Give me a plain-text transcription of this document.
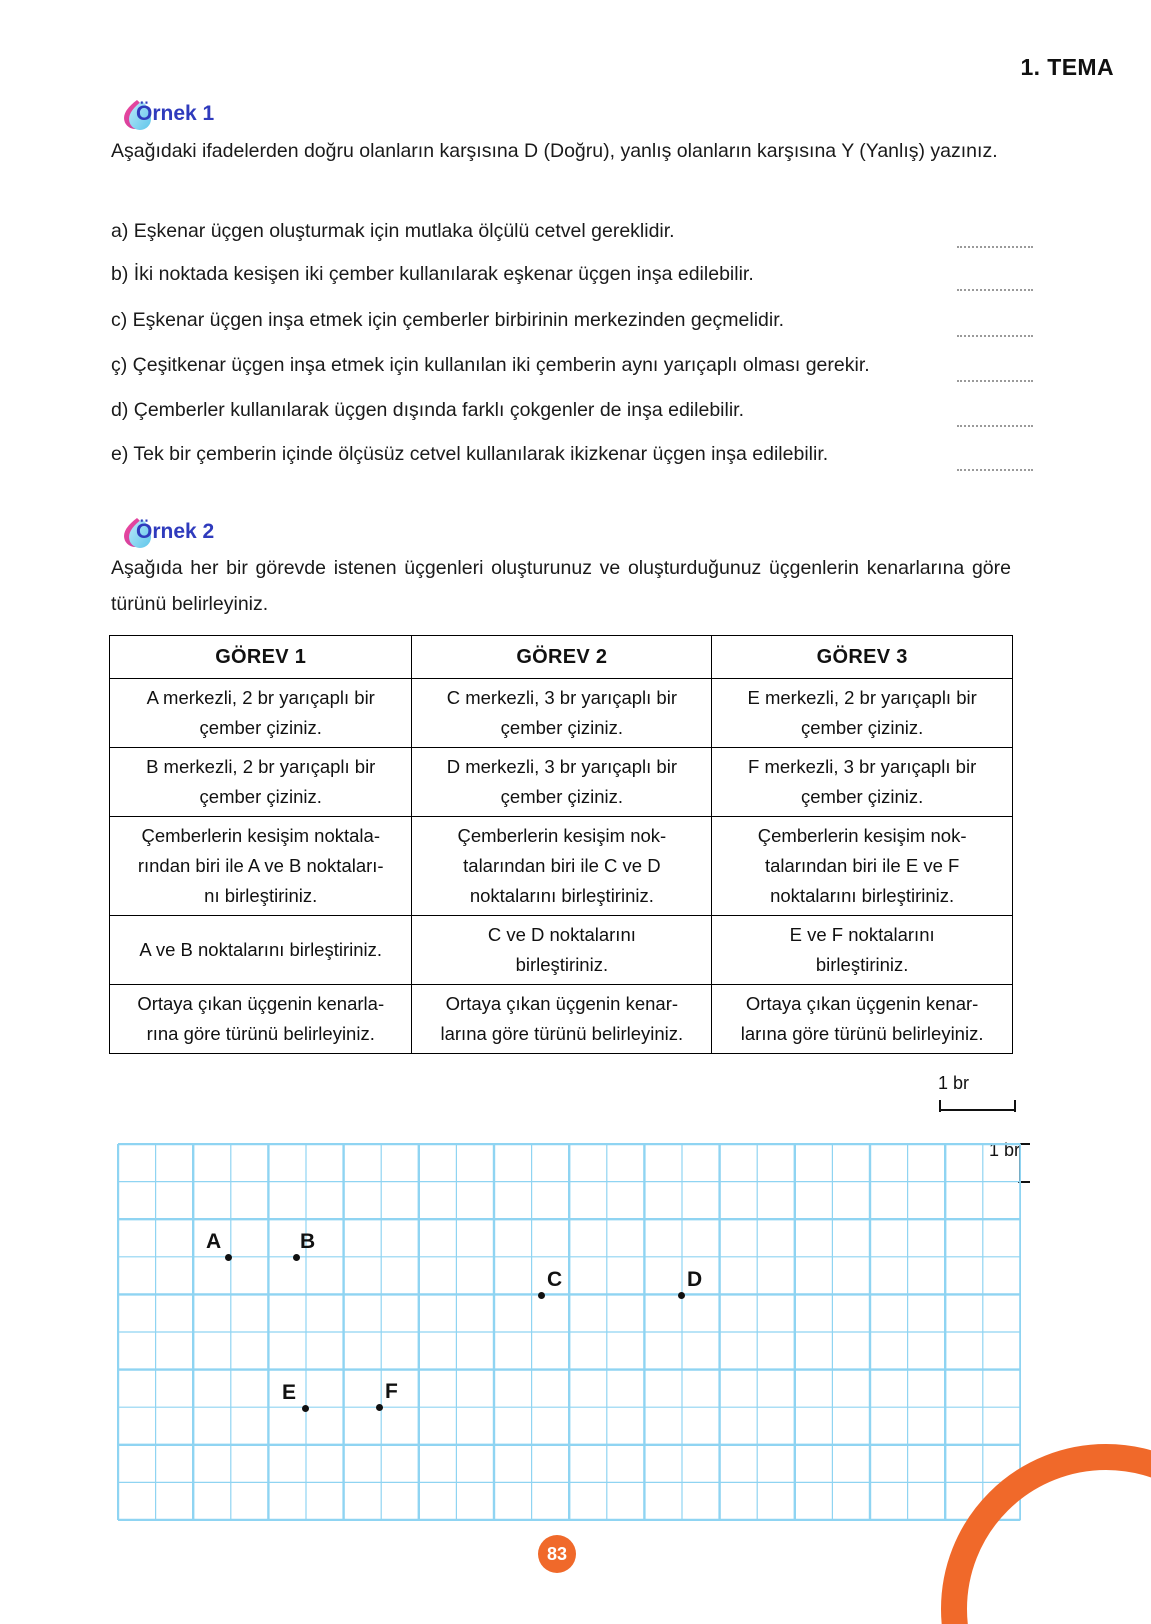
1. TEMA
Örnek 1
Aşağıdaki ifadelerden doğru olanların karşısına D (Doğru), yanlış olanların karşısına Y (Yanlış) yazınız.
a) Eşkenar üçgen oluşturmak için mutlaka ölçülü cetvel gereklidir.
b) İki noktada kesişen iki çember kullanılarak eşkenar üçgen inşa edilebilir.
c) Eşkenar üçgen inşa etmek için çemberler birbirinin merkezinden geçmelidir.
ç) Çeşitkenar üçgen inşa etmek için kullanılan iki çemberin aynı yarıçaplı olması gerekir.
d) Çemberler kullanılarak üçgen dışında farklı çokgenler de inşa edilebilir.
e) Tek bir çemberin içinde ölçüsüz cetvel kullanılarak ikizkenar üçgen inşa edilebilir.
Örnek 2
Aşağıda her bir görevde istenen üçgenleri oluşturunuz ve oluşturduğunuz üçgenlerin kenarlarına göre türünü belirleyiniz.
GÖREV 1	GÖREV 2	GÖREV 3

A merkezli, 2 br yarıçaplı bir
çember çiziniz.	C merkezli, 3 br yarıçaplı bir
çember çiziniz.	E merkezli, 2 br yarıçaplı bir
çember çiziniz.

B merkezli, 2 br yarıçaplı bir
çember çiziniz.	D merkezli, 3 br yarıçaplı bir
çember çiziniz.	F merkezli, 3 br yarıçaplı bir
çember çiziniz.

Çemberlerin kesişim noktala-
rından biri ile A ve B noktaları-
nı birleştiriniz.	Çemberlerin kesişim nok-
talarından biri ile C ve D
noktalarını birleştiriniz.	Çemberlerin kesişim nok-
talarından biri ile E ve F
noktalarını birleştiriniz.

A ve B noktalarını birleştiriniz.	C ve D noktalarını
birleştiriniz.	E ve F noktalarını
birleştiriniz.

Ortaya çıkan üçgenin kenarla-
rına göre türünü belirleyiniz.	Ortaya çıkan üçgenin kenar-
larına göre türünü belirleyiniz.	Ortaya çıkan üçgenin kenar-
larına göre türünü belirleyiniz.
1 br
1 br
83
A	B
C	D
E	F
